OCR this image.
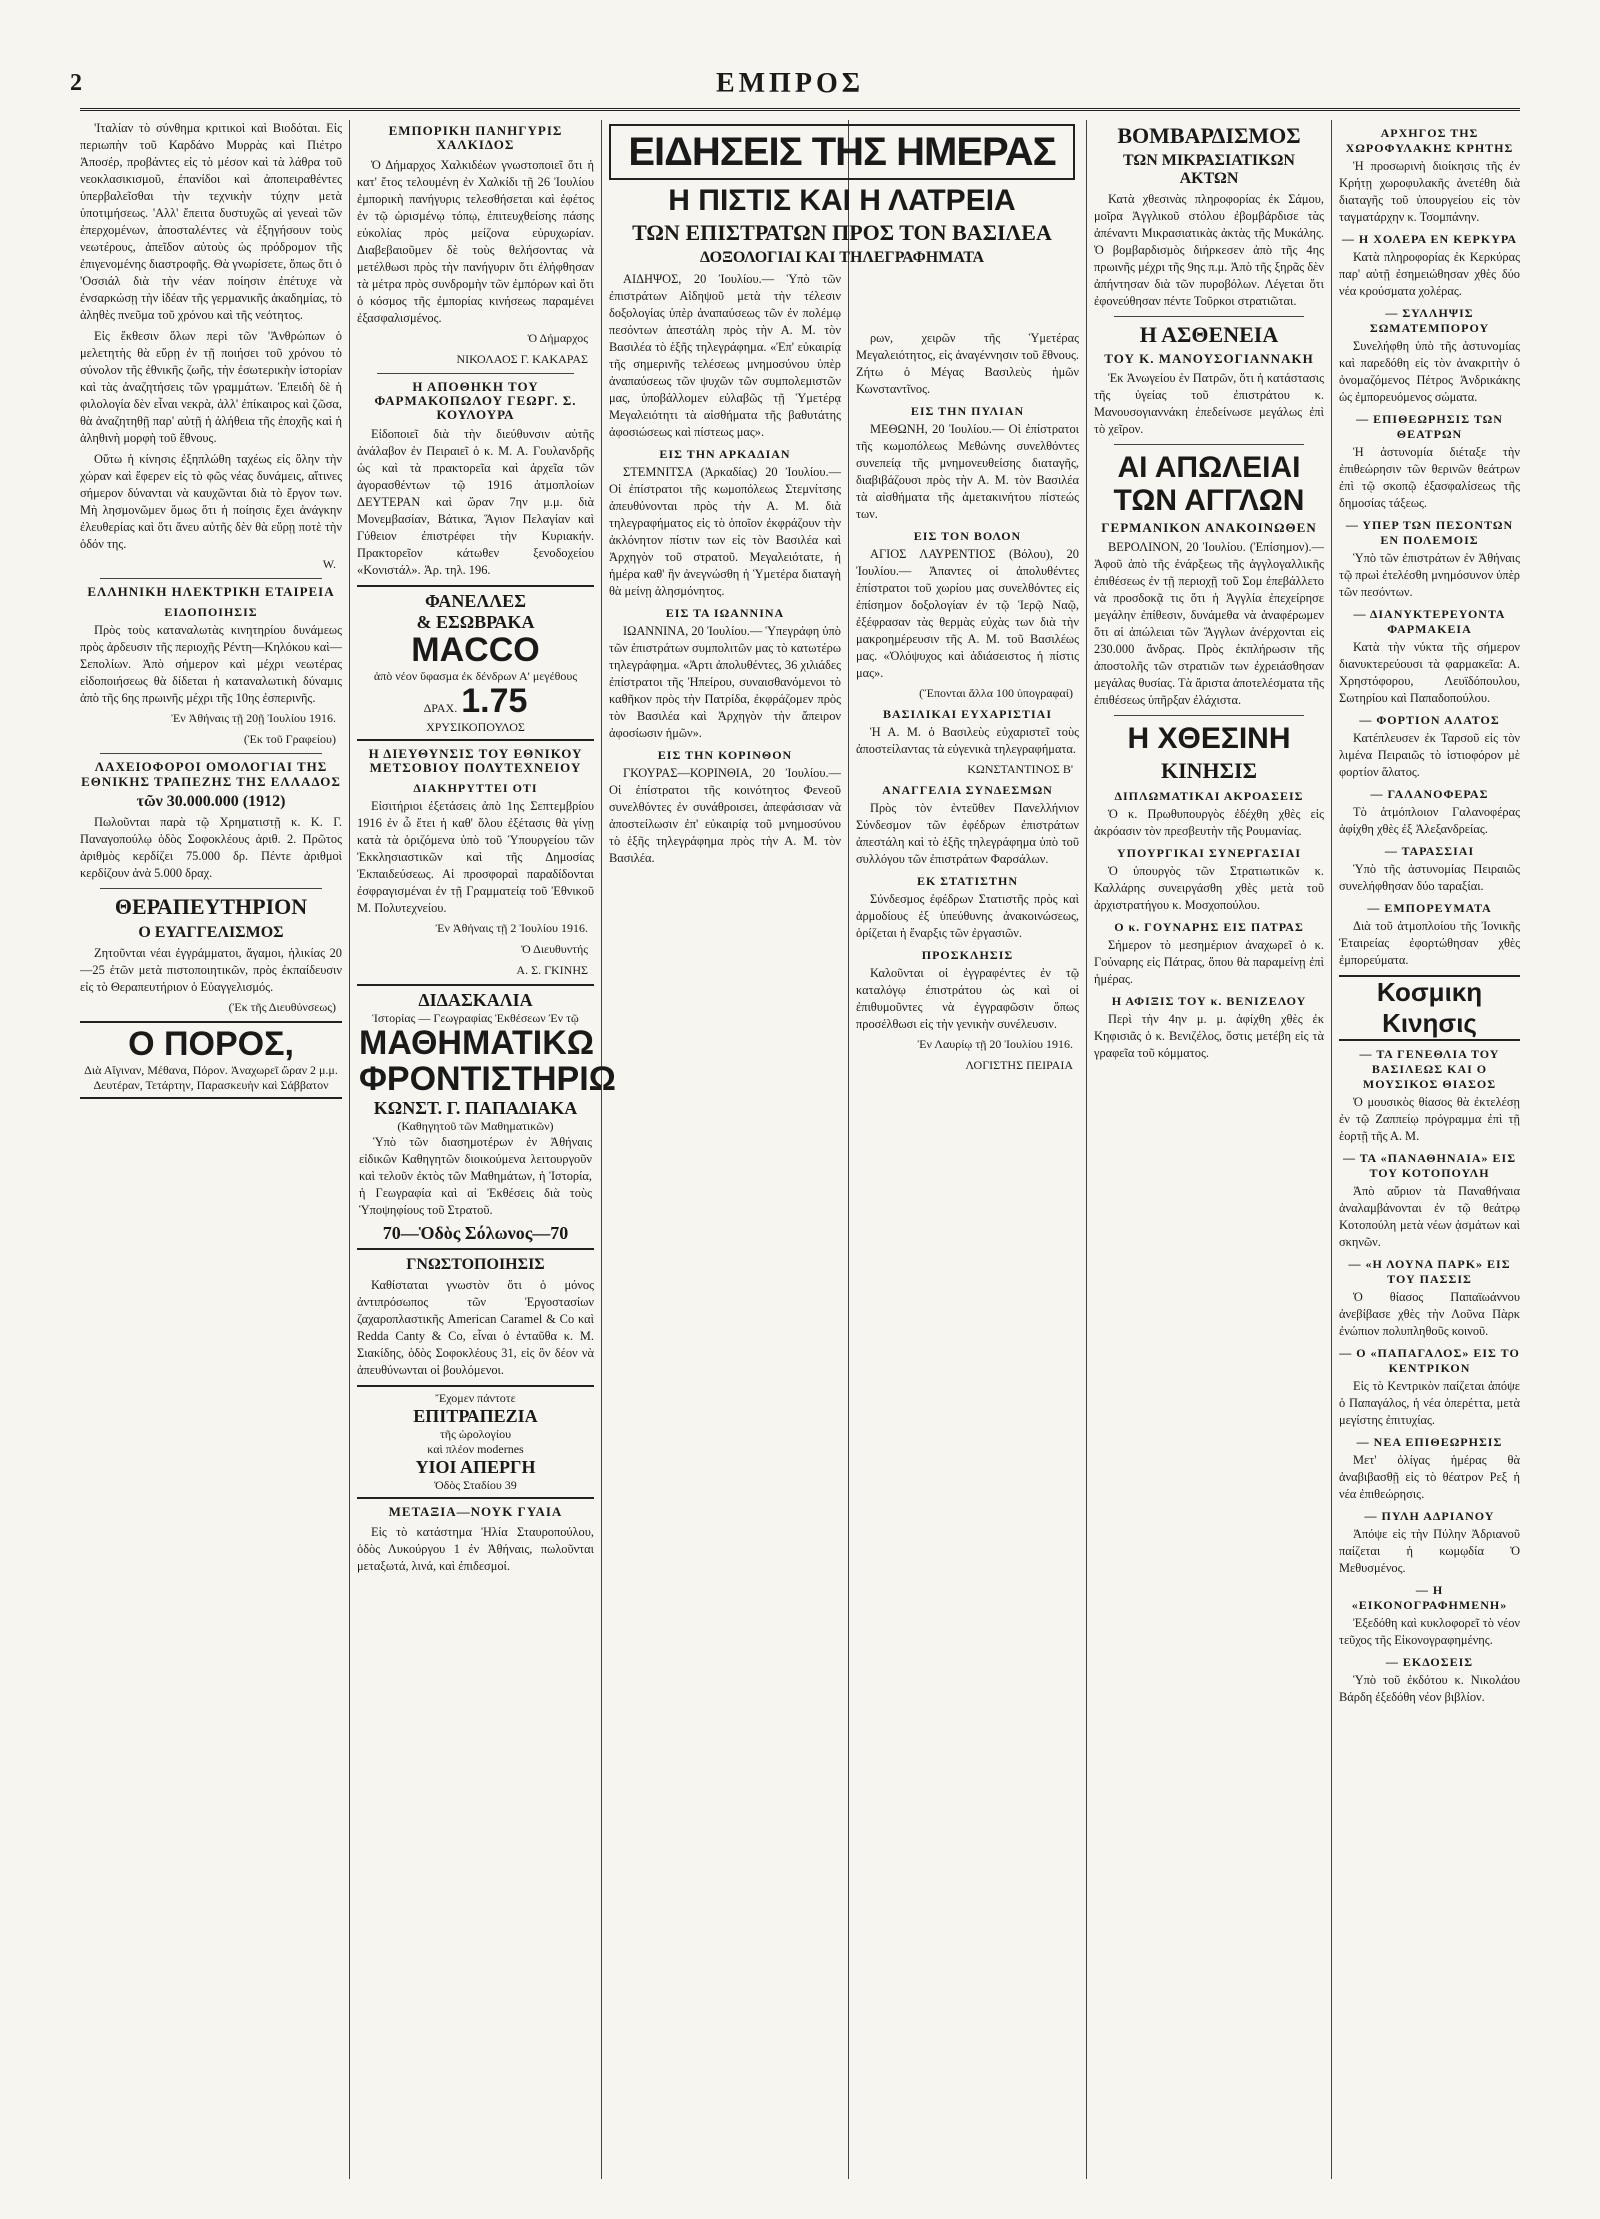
2	ΕΜΠΡΟΣ

'Ιταλίαν τὸ σύνθημα κριτικοὶ καὶ Βιοδόται. Εἰς περιωπὴν τοῦ Καρδάνο Μυρρὰς καὶ Πιέτρο Ἀποσέρ, προβάντες εἰς τὸ μέσον καὶ τὰ λάθρα τοῦ νεοκλασικισμοῦ, ἐπανίδοι καὶ ἀποπειραθέντες ὑπερβαλεῖσθαι τὴν τεχνικὴν τύχην μετὰ ὑποτιμήσεως. 'Αλλ' ἔπειτα δυστυχῶς αἱ γενεαὶ τῶν ἐπερχομένων, ἀποσταλέντες νὰ ἐξηγήσουν τοὺς νεωτέρους, ἀπεῖδον αὐτοὺς ὡς πρόδρομον τῆς ἐπιγενομένης διαστροφῆς. Θὰ γνωρίσετε, ὅπως ὅτι ὁ 'Οσσιάλ διὰ τὴν νέαν ποίησιν ἐπέτυχε νὰ ἐνσαρκώσῃ τὴν ἰδέαν τῆς γερμανικῆς ἀκαδημίας, τὸ ἀληθὲς πνεῦμα τοῦ χρόνου καὶ τῆς νεότητος.

Εἰς ἔκθεσιν ὅλων περὶ τῶν 'Ἀνθρώπων ὁ μελετητὴς θὰ εὕρῃ ἐν τῇ ποιήσει τοῦ χρόνου τὸ σύνολον τῆς ἐθνικῆς ζωῆς, τὴν ἐσωτερικὴν ἱστορίαν καὶ τὰς ἀναζητήσεις τῶν γραμμάτων. Ἐπειδὴ δὲ ἡ φιλολογία δὲν εἶναι νεκρὰ, ἀλλ' ἐπίκαιρος καὶ ζῶσα, θὰ ἀναζητηθῇ παρ' αὐτῇ ἡ ἀλήθεια τῆς ἐποχῆς καὶ ἡ ἀληθινὴ μορφὴ τοῦ ἔθνους.

Οὕτω ἡ κίνησις ἐξηπλώθη ταχέως εἰς ὅλην τὴν χώραν καὶ ἔφερεν εἰς τὸ φῶς νέας δυνάμεις, αἵτινες σήμερον δύνανται νὰ καυχῶνται διὰ τὸ ἔργον των. Μὴ λησμονῶμεν ὅμως ὅτι ἡ ποίησις ἔχει ἀνάγκην ἐλευθερίας καὶ ὅτι ἄνευ αὐτῆς δὲν θὰ εὕρῃ ποτὲ τὴν ὁδόν της.

W.
ΕΛΛΗΝΙΚΗ ΗΛΕΚΤΡΙΚΗ ΕΤΑΙΡΕΙΑ
ΕΙΔΟΠΟΙΗΣΙΣ

Πρὸς τοὺς καταναλωτὰς κινητηρίου δυνάμεως πρὸς ἀρδευσιν τῆς περιοχῆς Ρέντη—Κηλόκου καὶ—Σεπολίων. Ἀπὸ σήμερον καὶ μέχρι νεωτέρας εἰδοποιήσεως θὰ δίδεται ἡ καταναλωτικὴ δύναμις ἀπὸ τῆς 6ης πρωινῆς μέχρι τῆς 10ης ἐσπερινῆς.

Ἐν Ἀθήναις τῇ 20ῇ Ἰουλίου 1916.
(Ἐκ τοῦ Γραφείου)
ΛΑΧΕΙΟΦΟΡΟΙ ΟΜΟΛΟΓΙΑΙ ΤΗΣ ΕΘΝΙΚΗΣ ΤΡΑΠΕΖΗΣ ΤΗΣ ΕΛΛΑΔΟΣ
τῶν 30.000.000 (1912)

Πωλοῦνται παρὰ τῷ Χρηματιστῇ κ. Κ. Γ. Παναγοπούλῳ ὁδὸς Σοφοκλέους ἀριθ. 2. Πρῶτος ἀριθμὸς κερδίζει 75.000 δρ. Πέντε ἀριθμοὶ κερδίζουν ἀνὰ 5.000 δραχ.

ΘΕΡΑΠΕΥΤΗΡΙΟΝ
Ο ΕΥΑΓΓΕΛΙΣΜΟΣ

Ζητοῦνται νέαι ἐγγράμματοι, ἄγαμοι, ἡλικίας 20—25 ἐτῶν μετὰ πιστοποιητικῶν, πρὸς ἐκπαίδευσιν εἰς τὸ Θεραπευτήριον ὁ Εὐαγγελισμός.

(Ἐκ τῆς Διευθύνσεως)
Ο ΠΟΡΟΣ,
Διὰ Αἴγιναν, Μέθανα, Πόρον. Ἀναχωρεῖ ὥραν 2 μ.μ. Δευτέραν, Τετάρτην, Παρασκευὴν καὶ Σάββατον
ΕΜΠΟΡΙΚΗ ΠΑΝΗΓΥΡΙΣ ΧΑΛΚΙΔΟΣ

Ὁ Δήμαρχος Χαλκιδέων γνωστοποιεῖ ὅτι ἡ κατ' ἔτος τελουμένη ἐν Χαλκίδι τῇ 26 Ἰουλίου ἐμπορικὴ πανήγυρις τελεσθήσεται καὶ ἐφέτος ἐν τῷ ὡρισμένῳ τόπῳ, ἐπιτευχθείσης πάσης εὐκολίας πρὸς μείζονα εὐρυχωρίαν. Διαβεβαιοῦμεν δὲ τοὺς θελήσοντας νὰ μετέλθωσι πρὸς τὴν πανήγυριν ὅτι ἐλήφθησαν τὰ μέτρα πρὸς συνδρομὴν τῶν ἐμπόρων καὶ ὅτι ὁ κόσμος τῆς ἐμπορίας κινήσεως παραμένει ἐξασφαλισμένος.

Ὁ Δήμαρχος
ΝΙΚΟΛΑΟΣ Γ. ΚΑΚΑΡΑΣ
Η ΑΠΟΘΗΚΗ ΤΟΥ ΦΑΡΜΑΚΟΠΩΛΟΥ ΓΕΩΡΓ. Σ. ΚΟΥΛΟΥΡΑ

Εἰδοποιεῖ διὰ τὴν διεύθυνσιν αὐτῆς ἀνάλαβον ἐν Πειραιεῖ ὁ κ. Μ. Α. Γουλανδρῆς ὡς καὶ τὰ πρακτορεῖα καὶ ἀρχεῖα τῶν ἀγορασθέντων τῷ 1916 ἀτμοπλοίων ΔΕΥΤΕΡΑΝ καὶ ὥραν 7ην μ.μ. διὰ Μονεμβασίαν, Βάτικα, Ἅγιον Πελαγίαν καὶ Γύθειον ἐπιστρέφει τὴν Κυριακήν. Πρακτορεῖον κάτωθεν ξενοδοχείου «Κονιστάλ». Ἀρ. τηλ. 196.

ΦΑΝΕΛΛΕΣ
& ΕΣΩΒΡΑΚΑ
MACCO
ἀπὸ νέον ὕφασμα ἐκ δένδρων Α' μεγέθους
ΔΡΑΧ. 1.75
ΧΡΥΣΙΚΟΠΟΥΛΟΣ
Η ΔΙΕΥΘΥΝΣΙΣ ΤΟΥ ΕΘΝΙΚΟΥ ΜΕΤΣΟΒΙΟΥ ΠΟΛΥΤΕΧΝΕΙΟΥ
ΔΙΑΚΗΡΥΤΤΕΙ ΟΤΙ

Εἰσιτήριοι ἐξετάσεις ἀπὸ 1ης Σεπτεμβρίου 1916 ἐν ὧ ἔτει ἡ καθ' ὅλου ἐξέτασις θὰ γίνῃ κατὰ τὰ ὁριζόμενα ὑπὸ τοῦ Ὑπουργείου τῶν Ἐκκλησιαστικῶν καὶ τῆς Δημοσίας Ἐκπαιδεύσεως. Αἱ προσφοραὶ παραδίδονται ἐσφραγισμέναι ἐν τῇ Γραμματείᾳ τοῦ Ἐθνικοῦ Μ. Πολυτεχνείου.

Ἐν Ἀθήναις τῇ 2 Ἰουλίου 1916.
Ὁ Διευθυντής
Α. Σ. ΓΚΙΝΗΣ
ΔΙΔΑΣΚΑΛΙΑ
Ἱστορίας — Γεωγραφίας Ἐκθέσεων Ἐν τῷ
ΜΑΘΗΜΑΤΙΚΩ ΦΡΟΝΤΙΣΤΗΡΙΩ
ΚΩΝΣΤ. Γ. ΠΑΠΑΔΙΑΚΑ
(Καθηγητοῦ τῶν Μαθηματικῶν)

Ὑπὸ τῶν διασημοτέρων ἐν Ἀθήναις εἰδικῶν Καθηγητῶν διοικούμενα λειτουργοῦν καὶ τελοῦν ἐκτὸς τῶν Μαθημάτων, ἡ Ἱστορία, ἡ Γεωγραφία καὶ αἱ Ἐκθέσεις διὰ τοὺς Ὑποψηφίους τοῦ Στρατοῦ.

70—Ὁδὸς Σόλωνος—70
ΓΝΩΣΤΟΠΟΙΗΣΙΣ

Καθίσταται γνωστὸν ὅτι ὁ μόνος ἀντιπρόσωπος τῶν Ἐργοστασίων ζαχαροπλαστικῆς American Caramel & Co καὶ Redda Canty & Co, εἶναι ὁ ἐνταῦθα κ. Μ. Σιακίδης, ὁδὸς Σοφοκλέους 31, εἰς ὃν δέον νὰ ἀπευθύνωνται οἱ βουλόμενοι.

Ἔχομεν πάντοτε
ΕΠΙΤΡΑΠΕΖΙΑ
τῆς ὡρολογίου
καὶ πλέον modernes
ΥΙΟΙ ΑΠΕΡΓΗ
Ὁδὸς Σταδίου 39
ΜΕΤΑΞΙΑ—ΝΟΥΚ ΓΥΑΙΑ

Εἰς τὸ κατάστημα Ἠλία Σταυροπούλου, ὁδὸς Λυκούργου 1 ἐν Ἀθήναις, πωλοῦνται μεταξωτά, λινά, καὶ ἐπιδεσμοί.

ΕΙΔΗΣΕΙΣ ΤΗΣ ΗΜΕΡΑΣ
Η ΠΙΣΤΙΣ ΚΑΙ Η ΛΑΤΡΕΙΑ
ΤΩΝ ΕΠΙΣΤΡΑΤΩΝ ΠΡΟΣ ΤΟΝ ΒΑΣΙΛΕΑ
ΔΟΞΟΛΟΓΙΑΙ ΚΑΙ ΤΗΛΕΓΡΑΦΗΜΑΤΑ

ΑΙΔΗΨΟΣ, 20 Ἰουλίου.— Ὑπὸ τῶν ἐπιστράτων Αἰδηψοῦ μετὰ τὴν τέλεσιν δοξολογίας ὑπὲρ ἀναπαύσεως τῶν ἐν πολέμῳ πεσόντων ἀπεστάλη πρὸς τὴν Α. Μ. τὸν Βασιλέα τὸ ἑξῆς τηλεγράφημα. «Ἐπ' εὐκαιρίᾳ τῆς σημερινῆς τελέσεως μνημοσύνου ὑπὲρ ἀναπαύσεως τῶν ψυχῶν τῶν συμπολεμιστῶν μας, ὑποβάλλομεν εὐλαβῶς τῇ Ὑμετέρᾳ Μεγαλειότητι τὰ αἰσθήματα τῆς βαθυτάτης ἀφοσιώσεως καὶ πίστεως μας».

ΕΙΣ ΤΗΝ ΑΡΚΑΔΙΑΝ

ΣΤΕΜΝΙΤΣΑ (Ἀρκαδίας) 20 Ἰουλίου.— Οἱ ἐπίστρατοι τῆς κωμοπόλεως Στεμνίτσης ἀπευθύνονται πρὸς τὴν Α. Μ. διὰ τηλεγραφήματος εἰς τὸ ὁποῖον ἐκφράζουν τὴν ἀκλόνητον πίστιν των εἰς τὸν Βασιλέα καὶ Ἀρχηγὸν τοῦ στρατοῦ. Μεγαλειότατε, ἡ ἡμέρα καθ' ἣν ἀνεγνώσθη ἡ Ὑμετέρα διαταγὴ θὰ μείνῃ ἀλησμόνητος.

ΕΙΣ ΤΑ ΙΩΑΝΝΙΝΑ

ΙΩΑΝΝΙΝΑ, 20 Ἰουλίου.— Ὑπεγράφη ὑπὸ τῶν ἐπιστράτων συμπολιτῶν μας τὸ κατωτέρω τηλεγράφημα. «Ἀρτι ἀπολυθέντες, 36 χιλιάδες ἐπίστρατοι τῆς Ἠπείρου, συναισθανόμενοι τὸ καθῆκον πρὸς τὴν Πατρίδα, ἐκφράζομεν πρὸς τὸν Βασιλέα καὶ Ἀρχηγὸν τὴν ἄπειρον ἀφοσίωσιν ἡμῶν».

ΕΙΣ ΤΗΝ ΚΟΡΙΝΘΟΝ

ΓΚΟΥΡΑΣ—ΚΟΡΙΝΘΙΑ, 20 Ἰουλίου.— Οἱ ἐπίστρατοι τῆς κοινότητος Φενεοῦ συνελθόντες ἐν συνάθροισει, ἀπεφάσισαν νὰ ἀποστείλωσιν ἐπ' εὐκαιρίᾳ τοῦ μνημοσύνου τὸ ἑξῆς τηλεγράφημα πρὸς τὴν Α. Μ. τὸν Βασιλέα.

ρων, χειρῶν τῆς Ὑμετέρας Μεγαλειότητος, εἰς ἀναγέννησιν τοῦ ἔθνους. Ζήτω ὁ Μέγας Βασιλεὺς ἡμῶν Κωνσταντῖνος.

ΕΙΣ ΤΗΝ ΠΥΛΙΑΝ

ΜΕΘΩΝΗ, 20 Ἰουλίου.— Οἱ ἐπίστρατοι τῆς κωμοπόλεως Μεθώνης συνελθόντες συνεπείᾳ τῆς μνημονευθείσης διαταγῆς, διαβιβάζουσι πρὸς τὴν Α. Μ. τὸν Βασιλέα τὰ αἰσθήματα τῆς ἀμετακινήτου πίστεώς των.

ΕΙΣ ΤΟΝ ΒΟΛΟΝ

ΑΓΙΟΣ ΛΑΥΡΕΝΤΙΟΣ (Βόλου), 20 Ἰουλίου.— Ἀπαντες οἱ ἀπολυθέντες ἐπίστρατοι τοῦ χωρίου μας συνελθόντες εἰς ἐπίσημον δοξολογίαν ἐν τῷ Ἱερῷ Ναῷ, ἐξέφρασαν τὰς θερμὰς εὐχὰς των διὰ τὴν μακροημέρευσιν τῆς Α. Μ. τοῦ Βασιλέως μας. «Ὀλόψυχος καὶ ἀδιάσειστος ἡ πίστις μας».

(Ἕπονται ἄλλα 100 ὑπογραφαί)
ΒΑΣΙΛΙΚΑΙ ΕΥΧΑΡΙΣΤΙΑΙ

Ἡ Α. Μ. ὁ Βασιλεὺς εὐχαριστεῖ τοὺς ἀποστείλαντας τὰ εὐγενικὰ τηλεγραφήματα.

ΚΩΝΣΤΑΝΤΙΝΟΣ Β'
ΑΝΑΓΓΕΛΙΑ ΣΥΝΔΕΣΜΩΝ

Πρὸς τὸν ἐντεῦθεν Πανελλήνιον Σύνδεσμον τῶν ἐφέδρων ἐπιστράτων ἀπεστάλη καὶ τὸ ἑξῆς τηλεγράφημα ὑπὸ τοῦ συλλόγου τῶν ἐπιστράτων Φαρσάλων.

ΕΚ ΣΤΑΤΙΣΤΗΝ

Σύνδεσμος ἐφέδρων Στατιστῆς πρὸς καὶ ἀρμοδίους ἐξ ὑπεύθυνης ἀνακοινώσεως, ὁρίζεται ἡ ἔναρξις τῶν ἐργασιῶν.

ΠΡΟΣΚΛΗΣΙΣ

Καλοῦνται οἱ ἐγγραφέντες ἐν τῷ καταλόγῳ ἐπιστράτου ὡς καὶ οἱ ἐπιθυμοῦντες νὰ ἐγγραφῶσιν ὅπως προσέλθωσι εἰς τὴν γενικὴν συνέλευσιν.

Ἐν Λαυρίῳ τῇ 20 Ἰουλίου 1916.
ΛΟΓΙΣΤΗΣ ΠΕΙΡΑΙΑ
ΒΟΜΒΑΡΔΙΣΜΟΣ
ΤΩΝ ΜΙΚΡΑΣΙΑΤΙΚΩΝ ΑΚΤΩΝ

Κατὰ χθεσινὰς πληροφορίας ἐκ Σάμου, μοῖρα Ἀγγλικοῦ στόλου ἐβομβάρδισε τὰς ἀπέναντι Μικρασιατικὰς ἀκτὰς τῆς Μυκάλης. Ὁ βομβαρδισμὸς διήρκεσεν ἀπὸ τῆς 4ης πρωινῆς μέχρι τῆς 9ης π.μ. Ἀπὸ τῆς ξηρᾶς δὲν ἀπήντησαν διὰ τῶν πυροβόλων. Λέγεται ὅτι ἐφονεύθησαν πέντε Τοῦρκοι στρατιῶται.

Η ΑΣΘΕΝΕΙΑ
ΤΟΥ Κ. ΜΑΝΟΥΣΟΓΙΑΝΝΑΚΗ

Ἐκ Ἀνωγείου ἐν Πατρῶν, ὅτι ἡ κατάστασις τῆς ὑγείας τοῦ ἐπιστράτου κ. Μανουσογιαννάκη ἐπεδείνωσε μεγάλως ἐπὶ τὸ χεῖρον.

ΑΙ ΑΠΩΛΕΙΑΙ ΤΩΝ ΑΓΓΛΩΝ
ΓΕΡΜΑΝΙΚΟΝ ΑΝΑΚΟΙΝΩΘΕΝ

ΒΕΡΟΛΙΝΟΝ, 20 Ἰουλίου. (Ἐπίσημον).— Ἀφοῦ ἀπὸ τῆς ἐνάρξεως τῆς ἀγγλογαλλικῆς ἐπιθέσεως ἐν τῇ περιοχῇ τοῦ Σομ ἐπεβάλλετο νὰ προσδοκᾷ τις ὅτι ἡ Ἀγγλία ἐπεχείρησε μεγάλην ἐπίθεσιν, δυνάμεθα νὰ ἀναφέρωμεν ὅτι αἱ ἀπώλειαι τῶν Ἄγγλων ἀνέρχονται εἰς 230.000 ἄνδρας. Πρὸς ἐκπλήρωσιν τῆς ἀποστολῆς τῶν στρατιῶν των ἐχρειάσθησαν μεγάλας θυσίας. Τὰ ἄριστα ἀποτελέσματα τῆς ἐπιθέσεως ὑπῆρξαν ἐλάχιστα.

Η ΧΘΕΣΙΝΗ
ΚΙΝΗΣΙΣ
ΔΙΠΛΩΜΑΤΙΚΑΙ ΑΚΡΟΑΣΕΙΣ

Ὁ κ. Πρωθυπουργὸς ἐδέχθη χθὲς εἰς ἀκρόασιν τὸν πρεσβευτὴν τῆς Ρουμανίας.

ΥΠΟΥΡΓΙΚΑΙ ΣΥΝΕΡΓΑΣΙΑΙ

Ὁ ὑπουργὸς τῶν Στρατιωτικῶν κ. Καλλάρης συνειργάσθη χθὲς μετὰ τοῦ ἀρχιστρατήγου κ. Μοσχοπούλου.

Ο κ. ΓΟΥΝΑΡΗΣ ΕΙΣ ΠΑΤΡΑΣ

Σήμερον τὸ μεσημέριον ἀναχωρεῖ ὁ κ. Γούναρης εἰς Πάτρας, ὅπου θὰ παραμείνῃ ἐπὶ ἡμέρας.

Η ΑΦΙΞΙΣ ΤΟΥ κ. ΒΕΝΙΖΕΛΟΥ

Περὶ τὴν 4ην μ. μ. ἀφίχθη χθὲς ἐκ Κηφισιᾶς ὁ κ. Βενιζέλος, ὅστις μετέβη εἰς τὰ γραφεῖα τοῦ κόμματος.

ΑΡΧΗΓΟΣ ΤΗΣ ΧΩΡΟΦΥΛΑΚΗΣ ΚΡΗΤΗΣ

Ἡ προσωρινὴ διοίκησις τῆς ἐν Κρήτῃ χωροφυλακῆς ἀνετέθη διὰ διαταγῆς τοῦ ὑπουργείου εἰς τὸν ταγματάρχην κ. Τσομπάνην.

— Η ΧΟΛΕΡΑ ΕΝ ΚΕΡΚΥΡΑ

Κατὰ πληροφορίας ἐκ Κερκύρας παρ' αὐτῇ ἐσημειώθησαν χθὲς δύο νέα κρούσματα χολέρας.

— ΣΥΛΛΗΨΙΣ ΣΩΜΑΤΕΜΠΟΡΟΥ

Συνελήφθη ὑπὸ τῆς ἀστυνομίας καὶ παρεδόθη εἰς τὸν ἀνακριτὴν ὁ ὀνομαζόμενος Πέτρος Ἀνδρικάκης ὡς ἐμπορευόμενος σώματα.

— ΕΠΙΘΕΩΡΗΣΙΣ ΤΩΝ ΘΕΑΤΡΩΝ

Ἡ ἀστυνομία διέταξε τὴν ἐπιθεώρησιν τῶν θερινῶν θεάτρων ἐπὶ τῷ σκοπῷ ἐξασφαλίσεως τῆς δημοσίας τάξεως.

— ΥΠΕΡ ΤΩΝ ΠΕΣΟΝΤΩΝ ΕΝ ΠΟΛΕΜΟΙΣ

Ὑπὸ τῶν ἐπιστράτων ἐν Ἀθήναις τῷ πρωὶ ἐτελέσθη μνημόσυνον ὑπὲρ τῶν πεσόντων.

— ΔΙΑΝΥΚΤΕΡΕΥΟΝΤΑ ΦΑΡΜΑΚΕΙΑ

Κατὰ τὴν νύκτα τῆς σήμερον διανυκτερεύουσι τὰ φαρμακεῖα: Α. Χρηστόφορου, Λευϊδόπουλου, Σωτηρίου καὶ Παπαδοπούλου.

— ΦΟΡΤΙΟΝ ΑΛΑΤΟΣ

Κατέπλευσεν ἐκ Ταρσοῦ εἰς τὸν λιμένα Πειραιῶς τὸ ἱστιοφόρον μὲ φορτίον ἅλατος.

— ΓΑΛΑΝΟΦΕΡΑΣ

Τὸ ἀτμόπλοιον Γαλανοφέρας ἀφίχθη χθὲς ἐξ Ἀλεξανδρείας.

— ΤΑΡΑΣΣΙΑΙ

Ὑπὸ τῆς ἀστυνομίας Πειραιῶς συνελήφθησαν δύο ταραξίαι.

— ΕΜΠΟΡΕΥΜΑΤΑ

Διὰ τοῦ ἀτμοπλοίου τῆς Ἰονικῆς Ἑταιρείας ἐφορτώθησαν χθὲς ἐμπορεύματα.

Κοσμικη Κινησις
— ΤΑ ΓΕΝΕΘΛΙΑ ΤΟΥ ΒΑΣΙΛΕΩΣ ΚΑΙ Ο ΜΟΥΣΙΚΟΣ ΘΙΑΣΟΣ

Ὁ μουσικὸς θίασος θὰ ἐκτελέσῃ ἐν τῷ Ζαππείῳ πρόγραμμα ἐπὶ τῇ ἑορτῇ τῆς Α. Μ.

— ΤΑ «ΠΑΝΑΘΗΝΑΙΑ» ΕΙΣ ΤΟΥ ΚΟΤΟΠΟΥΛΗ

Ἀπὸ αὔριον τὰ Παναθήναια ἀναλαμβάνονται ἐν τῷ θεάτρῳ Κοτοπούλη μετὰ νέων ᾀσμάτων καὶ σκηνῶν.

— «Η ΛΟΥΝΑ ΠΑΡΚ» ΕΙΣ ΤΟΥ ΠΑΣΣΙΣ

Ὁ θίασος Παπαϊωάννου ἀνεβίβασε χθὲς τὴν Λοῦνα Πὰρκ ἐνώπιον πολυπληθοῦς κοινοῦ.

— Ο «ΠΑΠΑΓΑΛΟΣ» ΕΙΣ ΤΟ ΚΕΝΤΡΙΚΟΝ

Εἰς τὸ Κεντρικὸν παίζεται ἀπόψε ὁ Παπαγάλος, ἡ νέα ὀπερέττα, μετὰ μεγίστης ἐπιτυχίας.

— ΝΕΑ ΕΠΙΘΕΩΡΗΣΙΣ

Μετ' ὀλίγας ἡμέρας θὰ ἀναβιβασθῇ εἰς τὸ θέατρον Ρεξ ἡ νέα ἐπιθεώρησις.

— ΠΥΛΗ ΑΔΡΙΑΝΟΥ

Ἀπόψε εἰς τὴν Πύλην Ἀδριανοῦ παίζεται ἡ κωμῳδία Ὁ Μεθυσμένος.

— Η «ΕΙΚΟΝΟΓΡΑΦΗΜΕΝΗ»

Ἐξεδόθη καὶ κυκλοφορεῖ τὸ νέον τεῦχος τῆς Εἰκονογραφημένης.

— ΕΚΔΟΣΕΙΣ

Ὑπὸ τοῦ ἐκδότου κ. Νικολάου Βάρδη ἐξεδόθη νέον βιβλίον.
